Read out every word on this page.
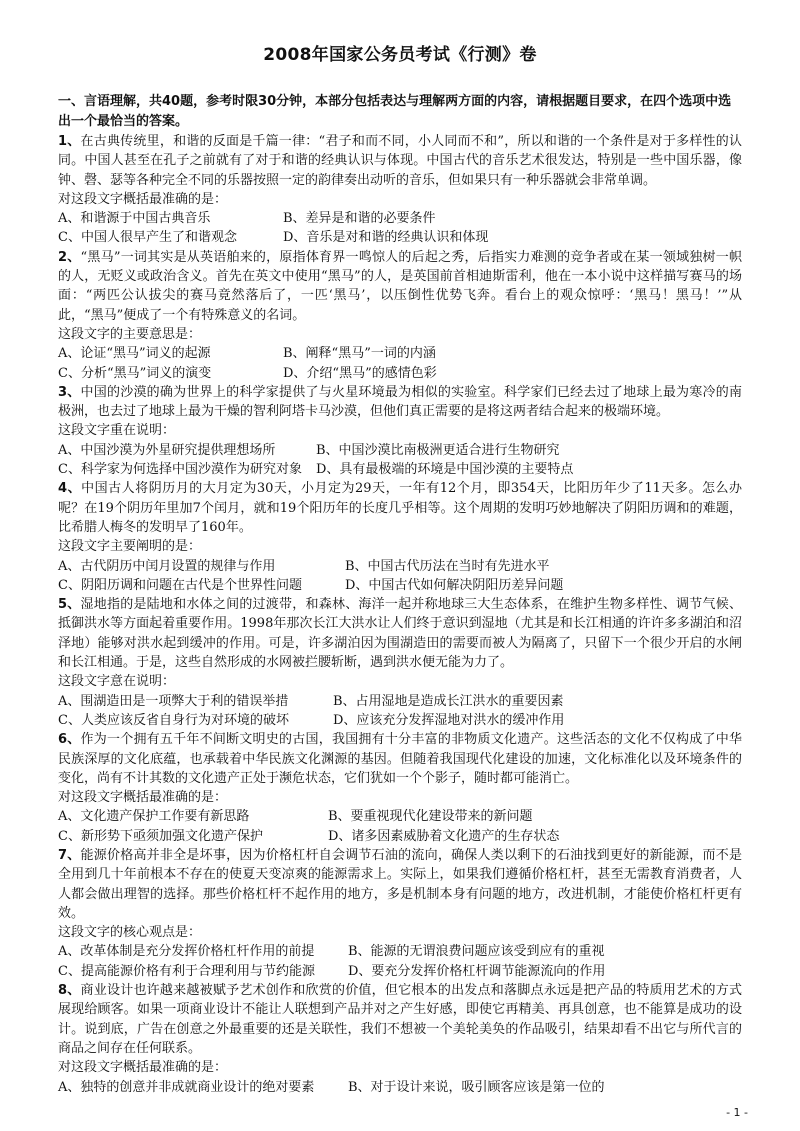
2008年国家公务员考试《行测》卷

一、言语理解，共40题，参考时限30分钟，本部分包括表达与理解两方面的内容，请根据题目要求，在四个选项中选出一个最恰当的答案。

1、在古典传统里，和谐的反面是千篇一律：“君子和而不同，小人同而不和”，所以和谐的一个条件是对于多样性的认同。中国人甚至在孔子之前就有了对于和谐的经典认识与体现。中国古代的音乐艺术很发达，特别是一些中国乐器，像钟、磬、瑟等各种完全不同的乐器按照一定的韵律奏出动听的音乐，但如果只有一种乐器就会非常单调。

对这段文字概括最准确的是：

A、和谐源于中国古典音乐	B、差异是和谐的必要条件
C、中国人很早产生了和谐观念	D、音乐是对和谐的经典认识和体现

2、“黑马”一词其实是从英语舶来的，原指体育界一鸣惊人的后起之秀，后指实力难测的竞争者或在某一领域独树一帜的人，无贬义或政治含义。首先在英文中使用“黑马”的人，是英国前首相迪斯雷利，他在一本小说中这样描写赛马的场面：“两匹公认拔尖的赛马竟然落后了，一匹‘黑马’，以压倒性优势飞奔。看台上的观众惊呼：‘黑马！黑马！’”从此，“黑马”便成了一个有特殊意义的名词。

这段文字的主要意思是：

A、论证“黑马”词义的起源	B、阐释“黑马”一词的内涵
C、分析“黑马”词义的演变	D、介绍“黑马”的感情色彩

3、中国的沙漠的确为世界上的科学家提供了与火星环境最为相似的实验室。科学家们已经去过了地球上最为寒冷的南极洲，也去过了地球上最为干燥的智利阿塔卡马沙漠，但他们真正需要的是将这两者结合起来的极端环境。

这段文字重在说明：

A、中国沙漠为外星研究提供理想场所	B、中国沙漠比南极洲更适合进行生物研究
C、科学家为何选择中国沙漠作为研究对象	D、具有最极端的环境是中国沙漠的主要特点

4、中国古人将阴历月的大月定为30天，小月定为29天，一年有12个月，即354天，比阳历年少了11天多。怎么办呢？在19个阴历年里加7个闰月，就和19个阳历年的长度几乎相等。这个周期的发明巧妙地解决了阴阳历调和的难题，比希腊人梅冬的发明早了160年。

这段文字主要阐明的是：

A、古代阴历中闰月设置的规律与作用	B、中国古代历法在当时有先进水平
C、阴阳历调和问题在古代是个世界性问题	D、中国古代如何解决阴阳历差异问题

5、湿地指的是陆地和水体之间的过渡带，和森林、海洋一起并称地球三大生态体系，在维护生物多样性、调节气候、抵御洪水等方面起着重要作用。1998年那次长江大洪水让人们终于意识到湿地（尤其是和长江相通的许许多多湖泊和沼泽地）能够对洪水起到缓冲的作用。可是，许多湖泊因为围湖造田的需要而被人为隔离了，只留下一个很少开启的水闸和长江相通。于是，这些自然形成的水网被拦腰斩断，遇到洪水便无能为力了。

这段文字意在说明：

A、围湖造田是一项弊大于利的错误举措	B、占用湿地是造成长江洪水的重要因素
C、人类应该反省自身行为对环境的破坏	D、应该充分发挥湿地对洪水的缓冲作用

6、作为一个拥有五千年不间断文明史的古国，我国拥有十分丰富的非物质文化遗产。这些活态的文化不仅构成了中华民族深厚的文化底蕴，也承载着中华民族文化渊源的基因。但随着我国现代化建设的加速，文化标准化以及环境条件的变化，尚有不计其数的文化遗产正处于濒危状态，它们犹如一个个影子，随时都可能消亡。

对这段文字概括最准确的是：

A、文化遗产保护工作要有新思路	B、要重视现代化建设带来的新问题
C、新形势下亟须加强文化遗产保护	D、诸多因素威胁着文化遗产的生存状态

7、能源价格高并非全是坏事，因为价格杠杆自会调节石油的流向，确保人类以剩下的石油找到更好的新能源，而不是全用到几十年前根本不存在的使夏天变凉爽的能源需求上。实际上，如果我们遵循价格杠杆，甚至无需教育消费者，人人都会做出理智的选择。那些价格杠杆不起作用的地方，多是机制本身有问题的地方，改进机制，才能使价格杠杆更有效。

这段文字的核心观点是：

A、改革体制是充分发挥价格杠杆作用的前提	B、能源的无谓浪费问题应该受到应有的重视
C、提高能源价格有利于合理利用与节约能源	D、要充分发挥价格杠杆调节能源流向的作用

8、商业设计也许越来越被赋予艺术创作和欣赏的价值，但它根本的出发点和落脚点永远是把产品的特质用艺术的方式展现给顾客。如果一项商业设计不能让人联想到产品并对之产生好感，即使它再精美、再具创意，也不能算是成功的设计。说到底，广告在创意之外最重要的还是关联性，我们不想被一个美轮美奂的作品吸引，结果却看不出它与所代言的商品之间存在任何联系。

对这段文字概括最准确的是：

A、独特的创意并非成就商业设计的绝对要素	B、对于设计来说，吸引顾客应该是第一位的
- 1 -
